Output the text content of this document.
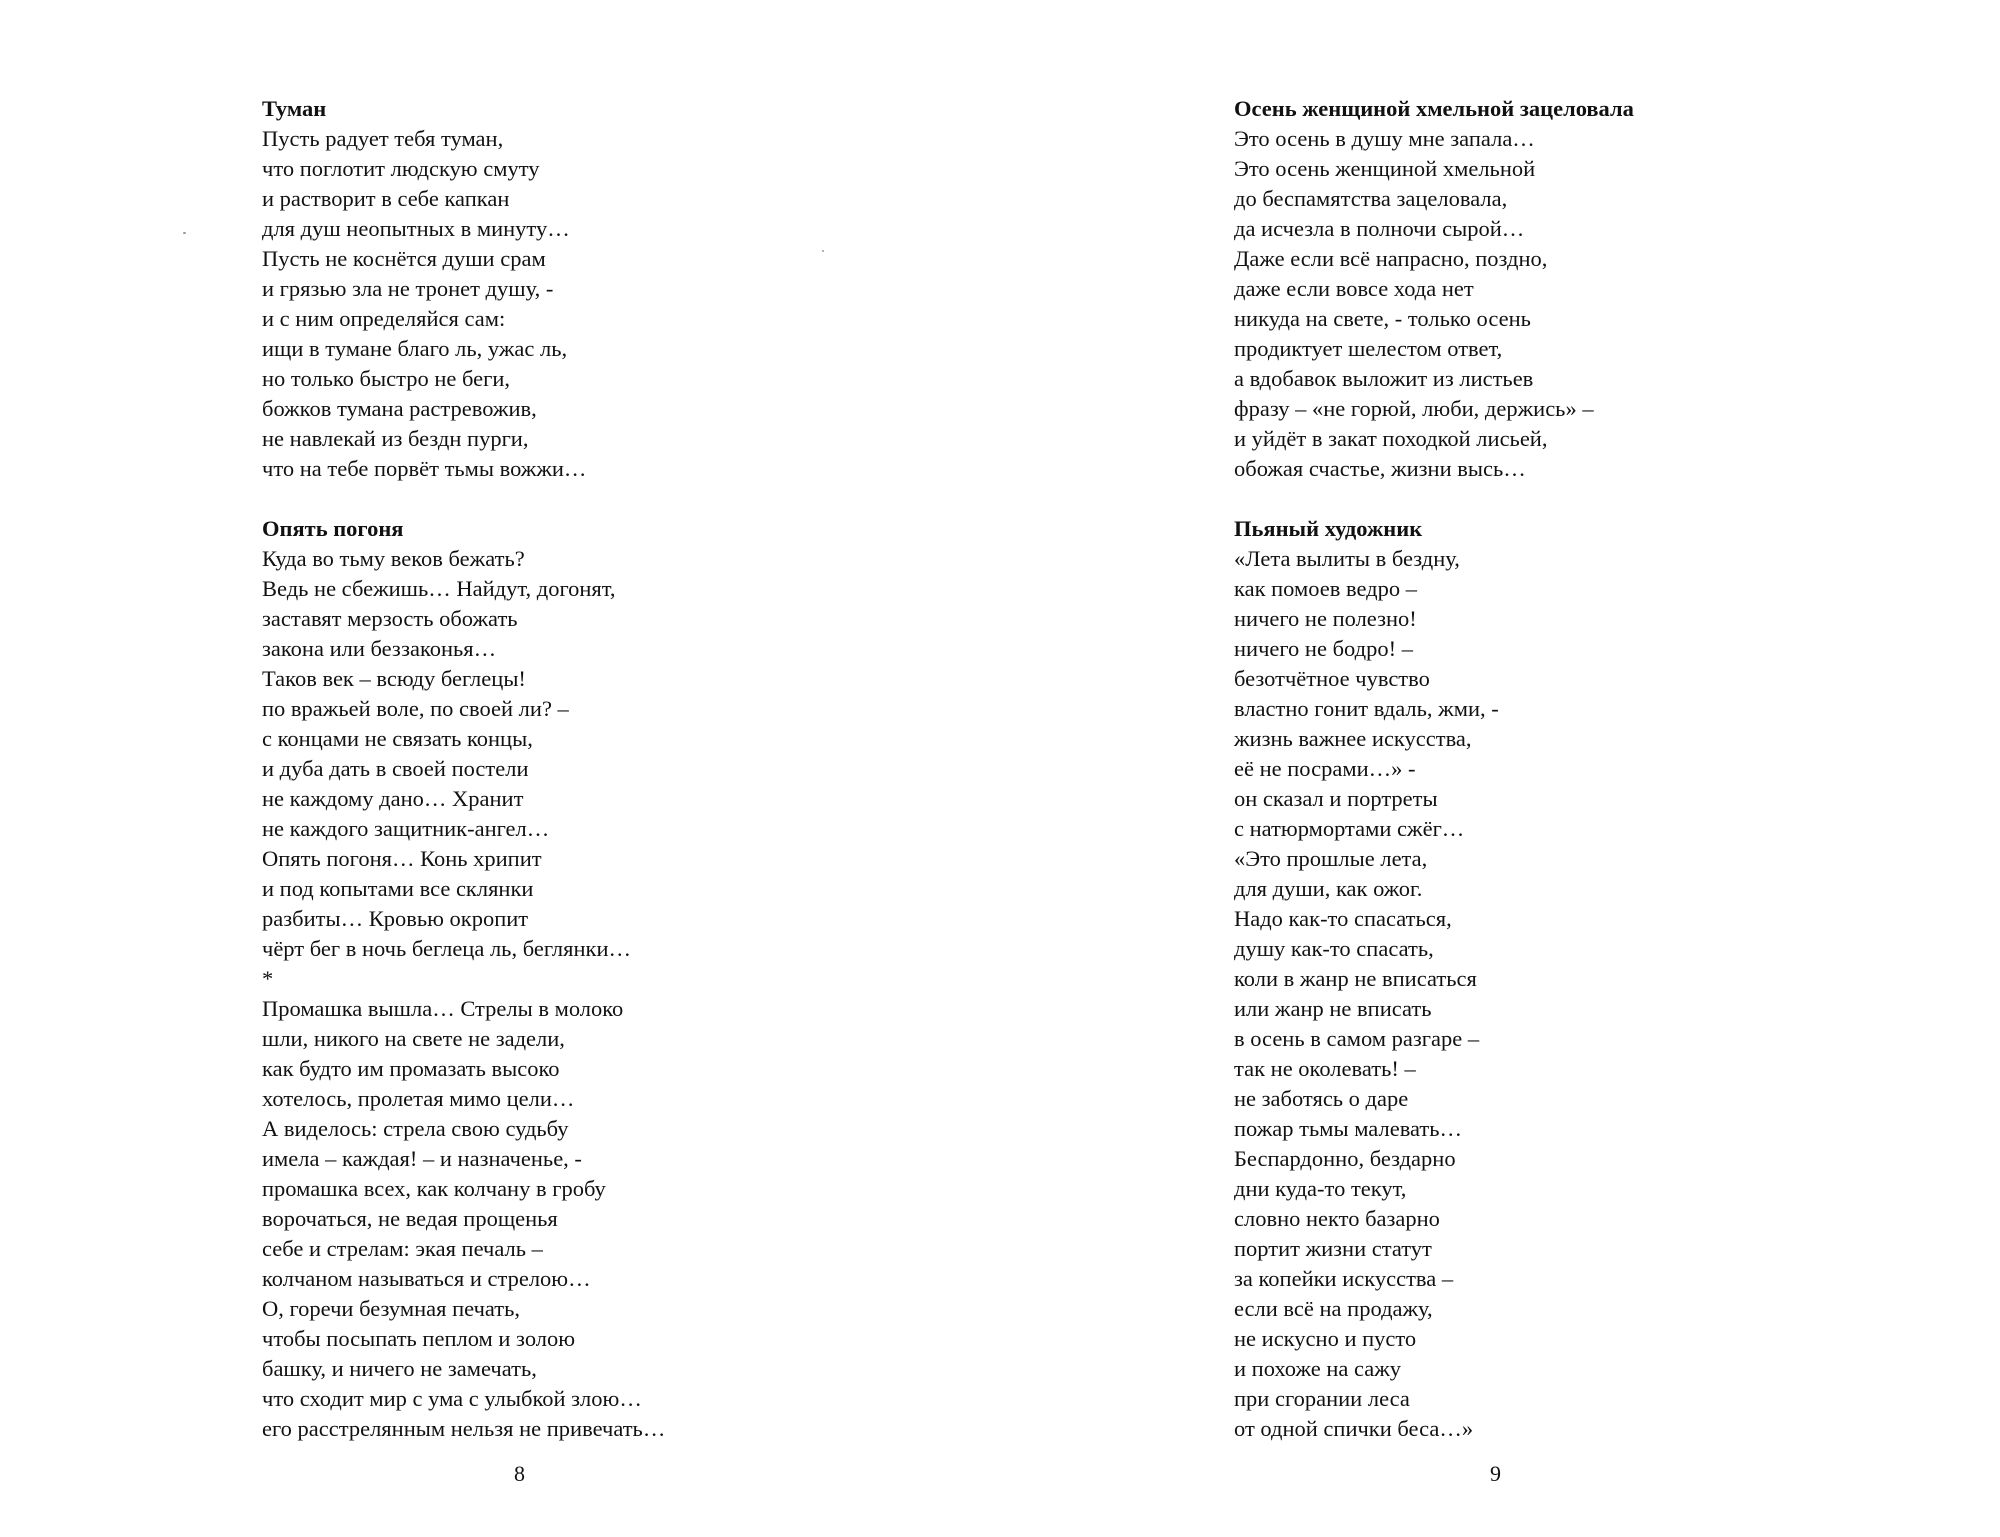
Туман
Пусть радует тебя туман,
что поглотит людскую смуту
и растворит в себе капкан
для душ неопытных в минуту…
Пусть не коснётся души срам
и грязью зла не тронет душу, -
и с ним определяйся сам:
ищи в тумане благо ль, ужас ль,
но только быстро не беги,
божков тумана растревожив,
не навлекай из бездн пурги,
что на тебе порвёт тьмы вожжи…
Опять погоня
Куда во тьму веков бежать?
Ведь не сбежишь… Найдут, догонят,
заставят мерзость обожать
закона или беззаконья…
Таков век – всюду беглецы!
по вражьей воле, по своей ли? –
с концами не связать концы,
и дуба дать в своей постели
не каждому дано… Хранит
не каждого защитник-ангел…
Опять погоня… Конь хрипит
и под копытами все склянки
разбиты… Кровью окропит
чёрт бег в ночь беглеца ль, беглянки…
*
Промашка вышла… Стрелы в молоко
шли, никого на свете не задели,
как будто им промазать высоко
хотелось, пролетая мимо цели…
А виделось: стрела свою судьбу
имела – каждая! – и назначенье, -
промашка всех, как колчану в гробу
ворочаться, не ведая прощенья
себе и стрелам: экая печаль –
колчаном называться и стрелою…
О, горечи безумная печать,
чтобы посыпать пеплом и золою
башку, и ничего не замечать,
что сходит мир с ума с улыбкой злою…
его расстрелянным нельзя не привечать…
8
Осень женщиной хмельной зацеловала
Это осень в душу мне запала…
Это осень женщиной хмельной
до беспамятства зацеловала,
да исчезла в полночи сырой…
Даже если всё напрасно, поздно,
даже если вовсе хода нет
никуда на свете, - только осень
продиктует шелестом ответ,
а вдобавок выложит из листьев
фразу – «не горюй, люби, держись» –
и уйдёт в закат походкой лисьей,
обожая счастье, жизни высь…
Пьяный художник
«Лета вылиты в бездну,
как помоев ведро –
ничего не полезно!
ничего не бодро! –
безотчётное чувство
властно гонит вдаль, жми, -
жизнь важнее искусства,
её не посрами…» -
он сказал и портреты
с натюрмортами сжёг…
«Это прошлые лета,
для души, как ожог.
Надо как-то спасаться,
душу как-то спасать,
коли в жанр не вписаться
или жанр не вписать
в осень в самом разгаре –
так не околевать! –
не заботясь о даре
пожар тьмы малевать…
Беспардонно, бездарно
дни куда-то текут,
словно некто базарно
портит жизни статут
за копейки искусства –
если всё на продажу,
не искусно и пусто
и похоже на сажу
при сгорании леса
от одной спички беса…»
9
